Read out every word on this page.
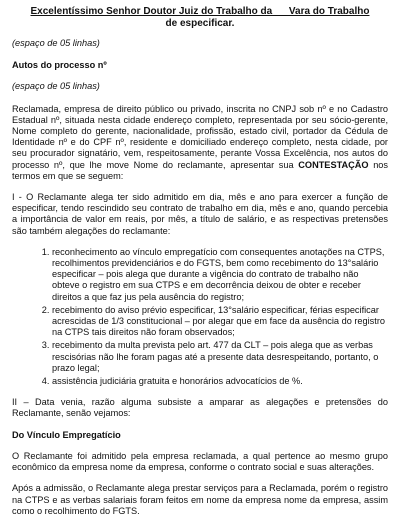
Excelentíssimo Senhor Doutor Juiz do Trabalho da __ Vara do Trabalho
de especificar.
(espaço de 05 linhas)
Autos do processo nº
(espaço de 05 linhas)

Reclamada, empresa de direito público ou privado, inscrita no CNPJ sob nº e no Cadastro Estadual nº, situada nesta cidade endereço completo, representada por seu sócio-gerente, Nome completo do gerente, nacionalidade, profissão, estado civil, portador da Cédula de Identidade nº e do CPF nº, residente e domiciliado endereço completo, nesta cidade, por seu procurador signatário, vem, respeitosamente, perante Vossa Excelência, nos autos do processo nº, que lhe move Nome do reclamante, apresentar sua CONTESTAÇÃO nos termos em que se seguem:

I - O Reclamante alega ter sido admitido em dia, mês e ano para exercer a função de especificar, tendo rescindido seu contrato de trabalho em dia, mês e ano, quando percebia a importância de valor em reais, por mês, a título de salário, e as respectivas pretensões são também alegações do reclamante:

1. reconhecimento ao vínculo empregatício com consequentes anotações na CTPS, recolhimentos previdenciários e do FGTS, bem como recebimento do 13°salário especificar – pois alega que durante a vigência do contrato de trabalho não obteve o registro em sua CTPS e em decorrência deixou de obter e receber direitos a que faz jus pela ausência do registro;
2. recebimento do aviso prévio especificar, 13°salário especificar, férias especificar acrescidas de 1/3 constitucional – por alegar que em face da ausência do registro na CTPS tais direitos não foram observados;
3. recebimento da multa prevista pelo art. 477 da CLT – pois alega que as verbas rescisórias não lhe foram pagas até a presente data desrespeitando, portanto, o prazo legal;
4. assistência judiciária gratuita e honorários advocatícios de %.

II – Data venia, razão alguma subsiste a amparar as alegações e pretensões do Reclamante, senão vejamos:

Do Vínculo Empregatício

O Reclamante foi admitido pela empresa reclamada, a qual pertence ao mesmo grupo econômico da empresa nome da empresa, conforme o contrato social e suas alterações.

Após a admissão, o Reclamante alega prestar serviços para a Reclamada, porém o registro na CTPS e as verbas salariais foram feitos em nome da empresa nome da empresa, assim como o recolhimento do FGTS.
